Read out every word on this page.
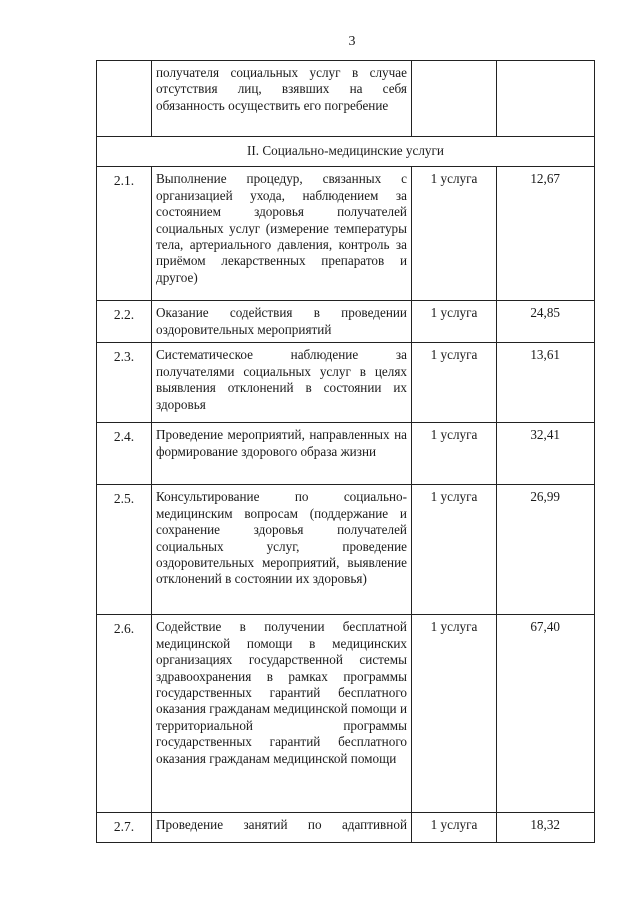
3
	получателя социальных услуг в случае отсутствия лиц, взявших на себя обязанность осуществить его погребение		
II. Социально-медицинские услуги			
2.1.	Выполнение процедур, связанных с организацией ухода, наблюдением за состоянием здоровья получателей социальных услуг (измерение температуры тела, артериального давления, контроль за приёмом лекарственных препаратов и другое)	1 услуга	12,67
2.2.	Оказание содействия в проведении оздоровительных мероприятий	1 услуга	24,85
2.3.	Систематическое наблюдение за получателями социальных услуг в целях выявления отклонений в состоянии их здоровья	1 услуга	13,61
2.4.	Проведение мероприятий, направленных на формирование здорового образа жизни	1 услуга	32,41
2.5.	Консультирование по социально-медицинским вопросам (поддержание и сохранение здоровья получателей социальных услуг, проведение оздоровительных мероприятий, выявление отклонений в состоянии их здоровья)	1 услуга	26,99
2.6.	Содействие в получении бесплатной медицинской помощи в медицинских организациях государственной системы здравоохранения в рамках программы государственных гарантий бесплатного оказания гражданам медицинской помощи и территориальной программы государственных гарантий бесплатного оказания гражданам медицинской помощи	1 услуга	67,40
2.7.	Проведение занятий по адаптивной	1 услуга	18,32
